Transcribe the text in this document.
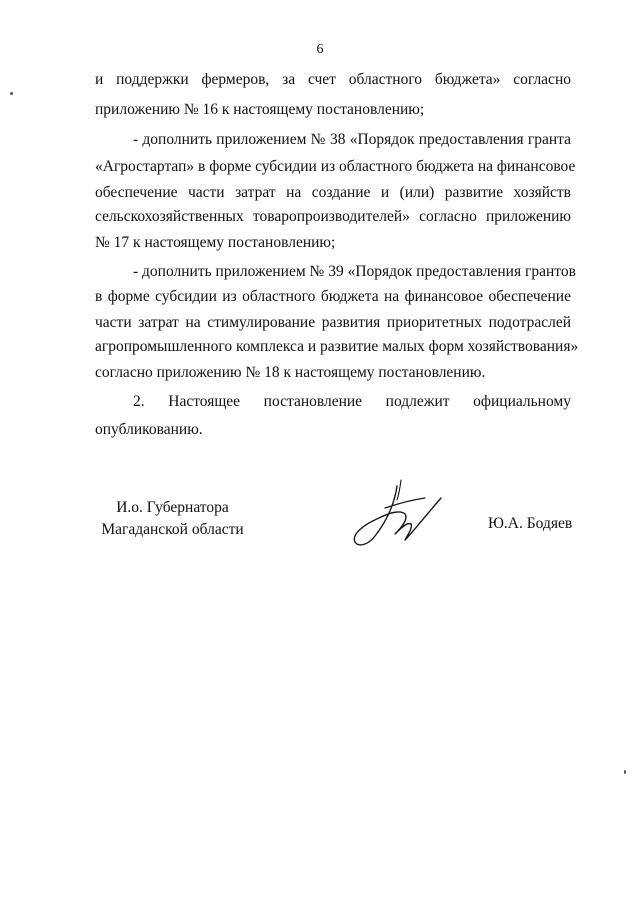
6
и поддержки фермеров, за счет областного бюджета» согласно
приложению № 16 к настоящему постановлению;
- дополнить приложением № 38 «Порядок предоставления гранта
«Агростартап» в форме субсидии из областного бюджета на финансовое
обеспечение части затрат на создание и (или) развитие хозяйств
сельскохозяйственных товаропроизводителей» согласно приложению
№ 17 к настоящему постановлению;
- дополнить приложением № 39 «Порядок предоставления грантов
в форме субсидии из областного бюджета на финансовое обеспечение
части затрат на стимулирование развития приоритетных подотраслей
агропромышленного комплекса и развитие малых форм хозяйствования»
согласно приложению № 18 к настоящему постановлению.
2. Настоящее постановление подлежит официальному
опубликованию.
И.о. Губернатора
Магаданской области	Ю.А. Бодяев
